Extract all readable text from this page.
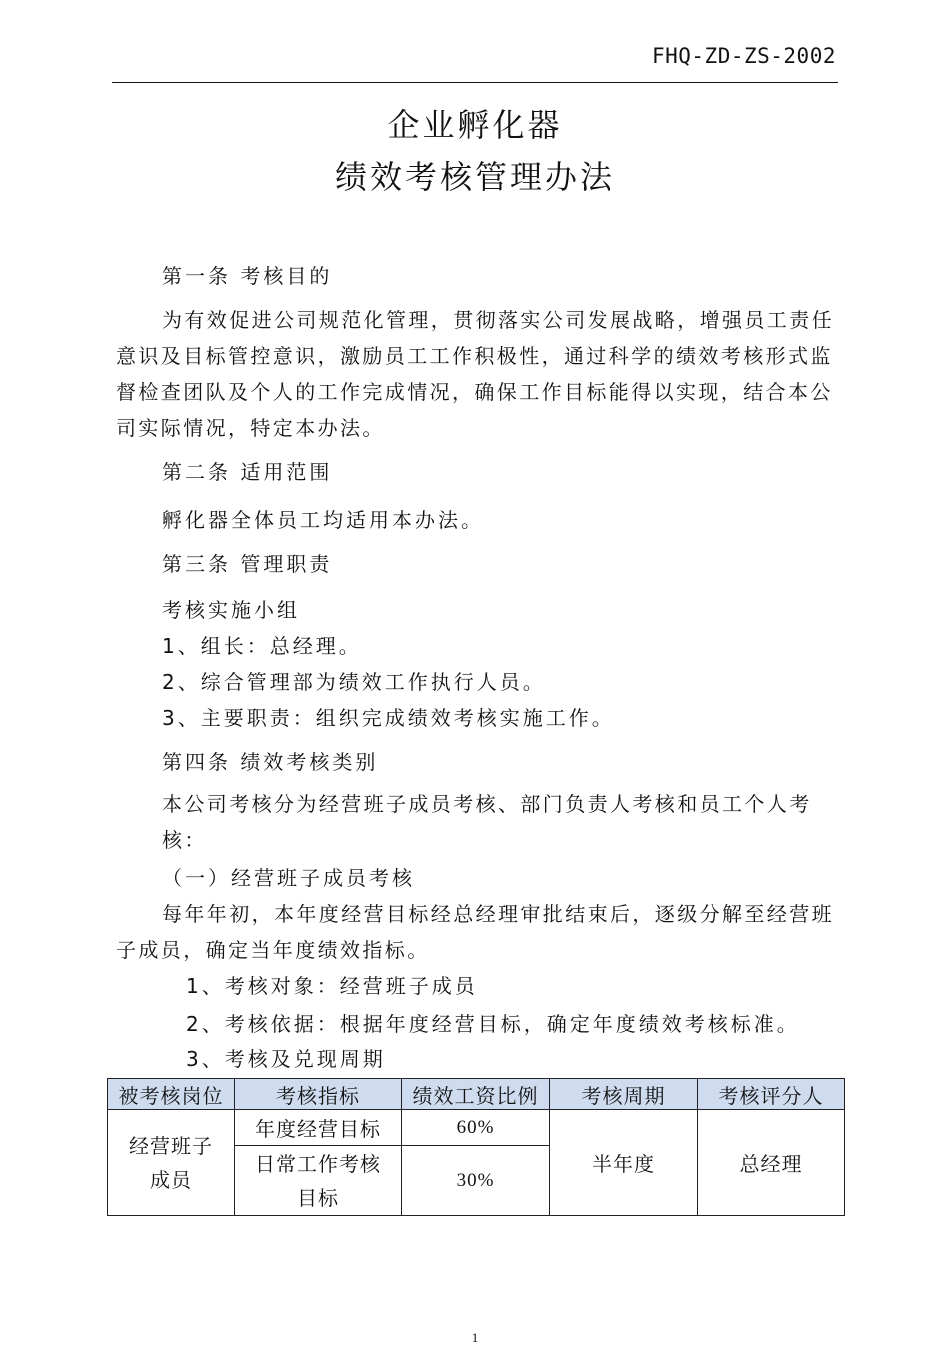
FHQ-ZD-ZS-2002
企业孵化器
绩效考核管理办法
第一条 考核目的

为有效促进公司规范化管理，贯彻落实公司发展战略，增强员工责任意识及目标管控意识，激励员工工作积极性，通过科学的绩效考核形式监督检查团队及个人的工作完成情况，确保工作目标能得以实现，结合本公司实际情况，特定本办法。

第二条 适用范围
孵化器全体员工均适用本办法。
第三条 管理职责
考核实施小组
1、组长：总经理。
2、综合管理部为绩效工作执行人员。
3、主要职责：组织完成绩效考核实施工作。
第四条 绩效考核类别

本公司考核分为经营班子成员考核、部门负责人考核和员工个人考核：

（一）经营班子成员考核

每年年初，本年度经营目标经总经理审批结束后，逐级分解至经营班子成员，确定当年度绩效指标。

1、考核对象：经营班子成员
2、考核依据：根据年度经营目标，确定年度绩效考核标准。
3、考核及兑现周期
被考核岗位	考核指标	绩效工资比例	考核周期	考核评分人
经营班子成员	年度经营目标	60%	半年度	总经理
	日常工作考核目标	30%		
1
